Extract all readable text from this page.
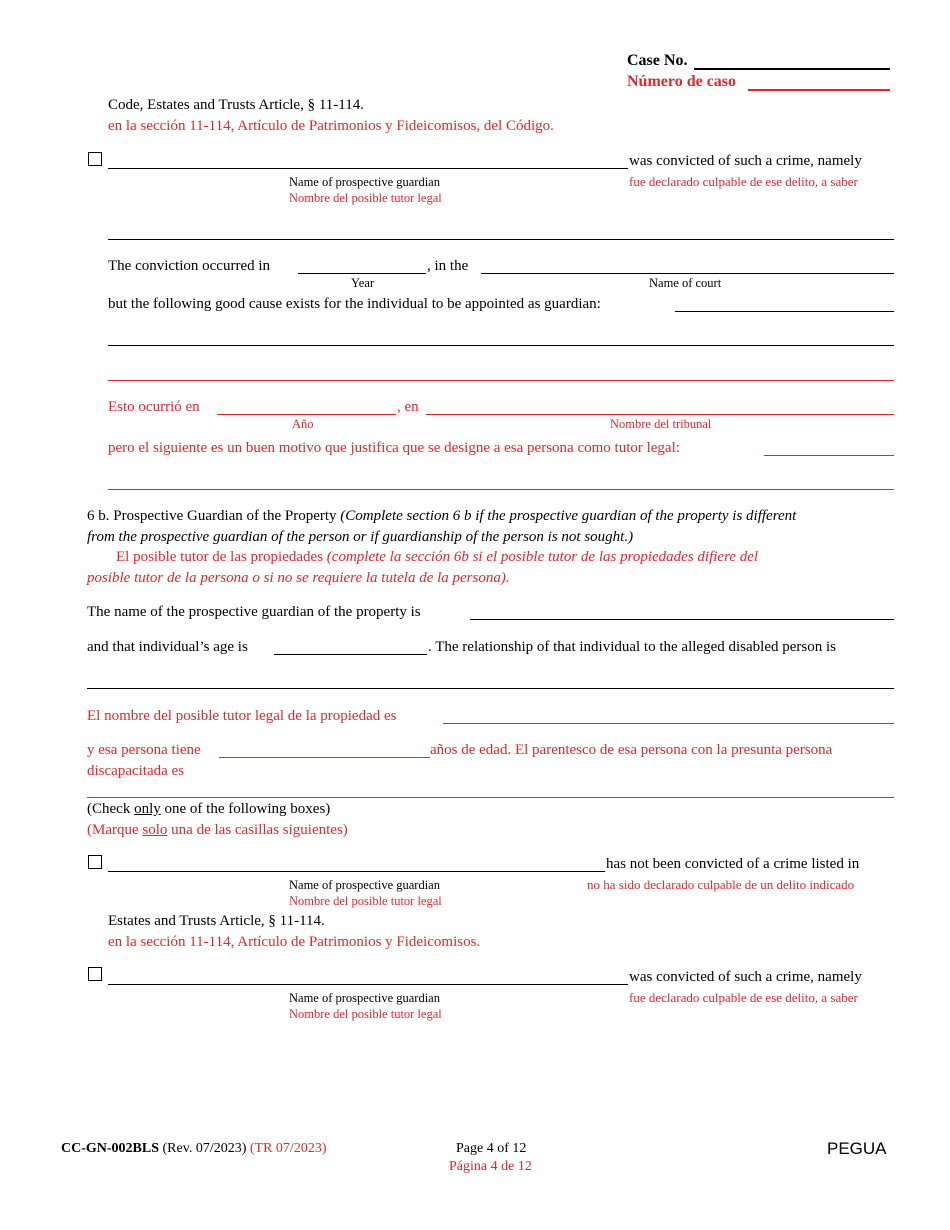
Case No.
Número de caso
Code, Estates and Trusts Article, § 11-114.
en la sección 11-114, Artículo de Patrimonios y Fideicomisos, del Código.
was convicted of such a crime, namely
fue declarado culpable de ese delito, a saber
Name of prospective guardian
Nombre del posible tutor legal
The conviction occurred in	, in the
Year	Name of court
but the following good cause exists for the individual to be appointed as guardian:
Esto ocurrió en	, en
Año	Nombre del tribunal
pero el siguiente es un buen motivo que justifica que se designe a esa persona como tutor legal:
6 b. Prospective Guardian of the Property (Complete section 6 b if the prospective guardian of the property is different
from the prospective guardian of the person or if guardianship of the person is not sought.)
El posible tutor de las propiedades (complete la sección 6b si el posible tutor de las propiedades difiere del
posible tutor de la persona o si no se requiere la tutela de la persona).
The name of the prospective guardian of the property is
and that individual’s age is	. The relationship of that individual to the alleged disabled person is
El nombre del posible tutor legal de la propiedad es
y esa persona tiene	años de edad. El parentesco de esa persona con la presunta persona
discapacitada es
(Check only one of the following boxes)
(Marque solo una de las casillas siguientes)
has not been convicted of a crime listed in
no ha sido declarado culpable de un delito indicado
Name of prospective guardian
Nombre del posible tutor legal
Estates and Trusts Article, § 11-114.
en la sección 11-114, Artículo de Patrimonios y Fideicomisos.
was convicted of such a crime, namely
fue declarado culpable de ese delito, a saber
Name of prospective guardian
Nombre del posible tutor legal
CC-GN-002BLS (Rev. 07/2023) (TR 07/2023)	Page 4 of 12
Página 4 de 12
PEGUA
